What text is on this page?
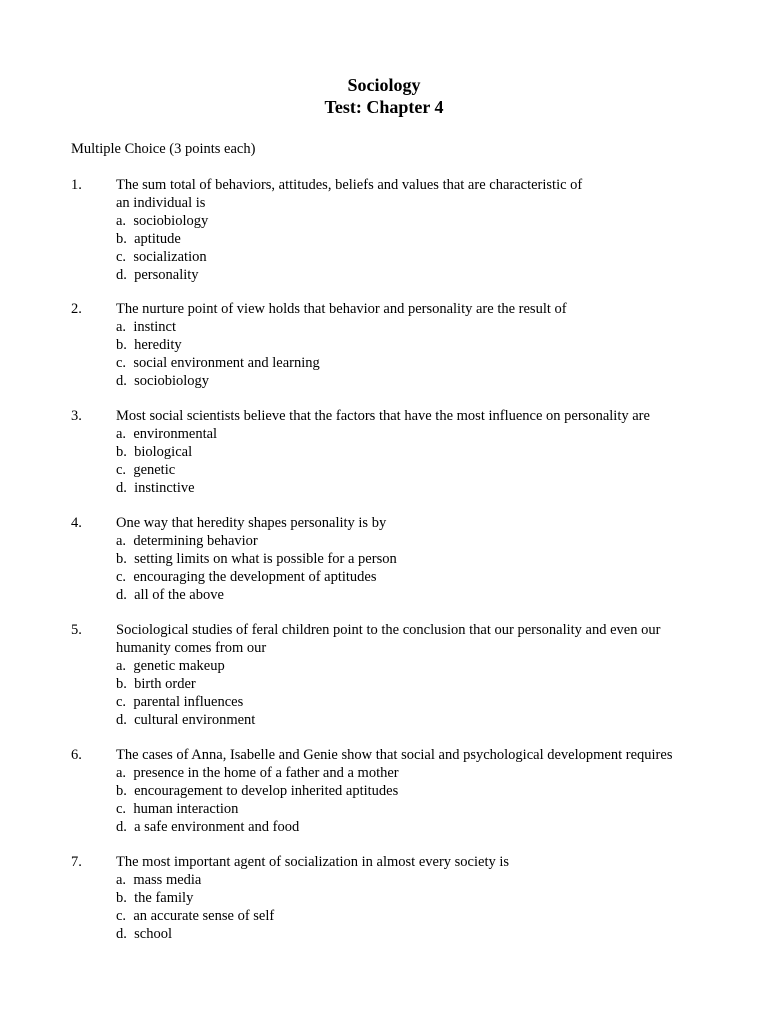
Sociology
Test: Chapter 4
Multiple Choice (3 points each)
1. The sum total of behaviors, attitudes, beliefs and values that are characteristic of
an individual is
a. sociobiology
b. aptitude
c. socialization
d. personality
2. The nurture point of view holds that behavior and personality are the result of
a. instinct
b. heredity
c. social environment and learning
d. sociobiology
3. Most social scientists believe that the factors that have the most influence on personality are
a. environmental
b. biological
c. genetic
d. instinctive
4. One way that heredity shapes personality is by
a. determining behavior
b. setting limits on what is possible for a person
c. encouraging the development of aptitudes
d. all of the above
5. Sociological studies of feral children point to the conclusion that our personality and even our
humanity comes from our
a. genetic makeup
b. birth order
c. parental influences
d. cultural environment
6. The cases of Anna, Isabelle and Genie show that social and psychological development requires
a. presence in the home of a father and a mother
b. encouragement to develop inherited aptitudes
c. human interaction
d. a safe environment and food
7. The most important agent of socialization in almost every society is
a. mass media
b. the family
c. an accurate sense of self
d. school
